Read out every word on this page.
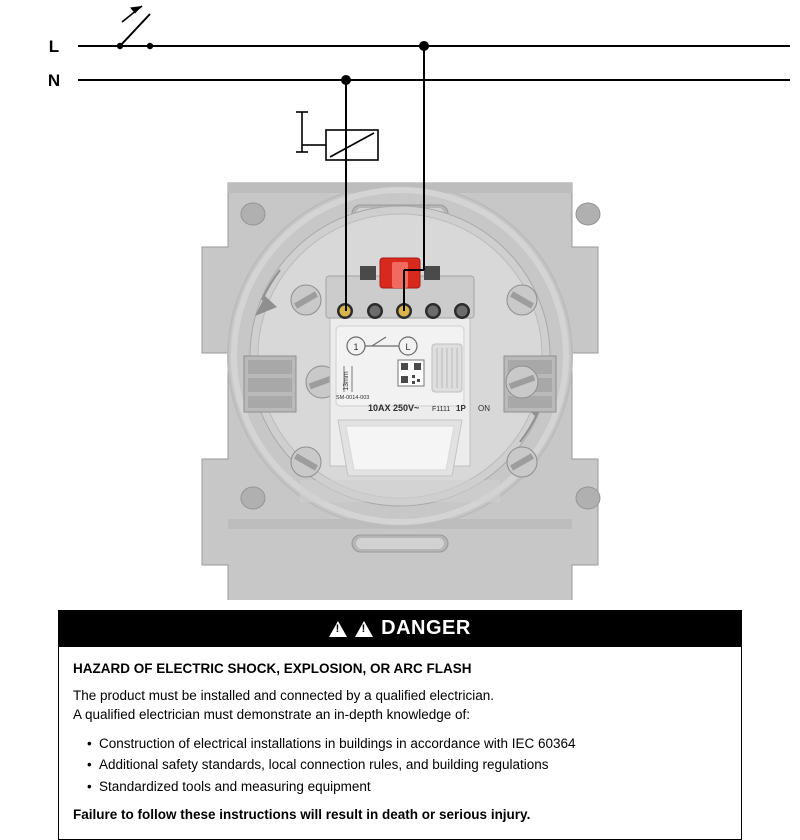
1	L
13mm
SM-0014-003
10AX 250V~ F1111 1P ON
L
N
!
!
DANGER
HAZARD OF ELECTRIC SHOCK, EXPLOSION, OR ARC FLASH

The product must be installed and connected by a qualified electrician.

A qualified electrician must demonstrate an in-depth knowledge of:

• Construction of electrical installations in buildings in accordance with IEC 60364
• Additional safety standards, local connection rules, and building regulations
• Standardized tools and measuring equipment
Failure to follow these instructions will result in death or serious injury.
